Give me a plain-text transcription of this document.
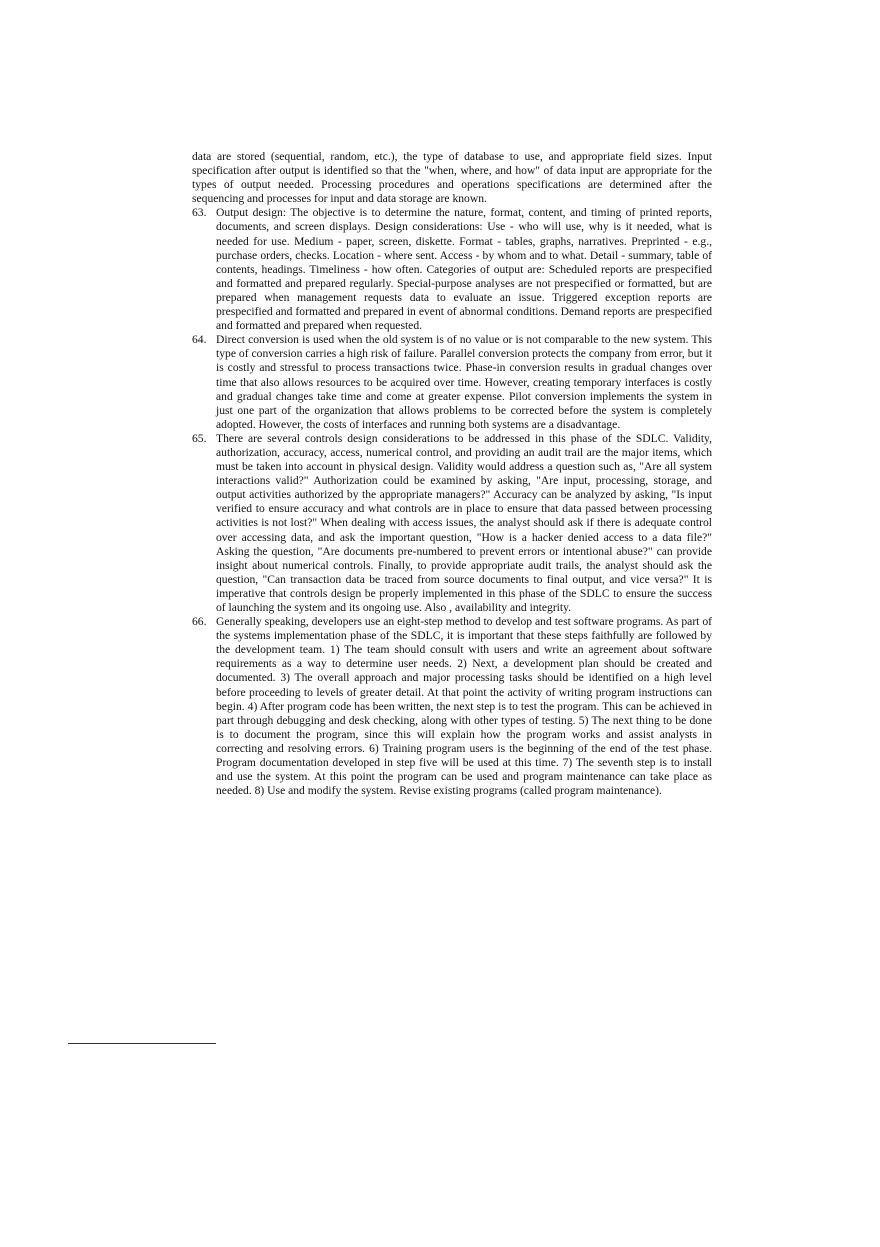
data are stored (sequential, random, etc.), the type of database to use, and appropriate field sizes. Input specification after output is identified so that the "when, where, and how" of data input are appropriate for the types of output needed. Processing procedures and operations specifications are determined after the sequencing and processes for input and data storage are known.

63. Output design: The objective is to determine the nature, format, content, and timing of printed reports, documents, and screen displays. Design considerations: Use - who will use, why is it needed, what is needed for use. Medium - paper, screen, diskette. Format - tables, graphs, narratives. Preprinted - e.g., purchase orders, checks. Location - where sent. Access - by whom and to what. Detail - summary, table of contents, headings. Timeliness - how often. Categories of output are: Scheduled reports are prespecified and formatted and prepared regularly. Special-purpose analyses are not prespecified or formatted, but are prepared when management requests data to evaluate an issue. Triggered exception reports are prespecified and formatted and prepared in event of abnormal conditions. Demand reports are prespecified and formatted and prepared when requested.
64. Direct conversion is used when the old system is of no value or is not comparable to the new system. This type of conversion carries a high risk of failure. Parallel conversion protects the company from error, but it is costly and stressful to process transactions twice. Phase-in conversion results in gradual changes over time that also allows resources to be acquired over time. However, creating temporary interfaces is costly and gradual changes take time and come at greater expense. Pilot conversion implements the system in just one part of the organization that allows problems to be corrected before the system is completely adopted. However, the costs of interfaces and running both systems are a disadvantage.
65. There are several controls design considerations to be addressed in this phase of the SDLC. Validity, authorization, accuracy, access, numerical control, and providing an audit trail are the major items, which must be taken into account in physical design. Validity would address a question such as, "Are all system interactions valid?" Authorization could be examined by asking, "Are input, processing, storage, and output activities authorized by the appropriate managers?" Accuracy can be analyzed by asking, "Is input verified to ensure accuracy and what controls are in place to ensure that data passed between processing activities is not lost?" When dealing with access issues, the analyst should ask if there is adequate control over accessing data, and ask the important question, "How is a hacker denied access to a data file?" Asking the question, "Are documents pre-numbered to prevent errors or intentional abuse?" can provide insight about numerical controls. Finally, to provide appropriate audit trails, the analyst should ask the question, "Can transaction data be traced from source documents to final output, and vice versa?" It is imperative that controls design be properly implemented in this phase of the SDLC to ensure the success of launching the system and its ongoing use. Also , availability and integrity.
66. Generally speaking, developers use an eight-step method to develop and test software programs. As part of the systems implementation phase of the SDLC, it is important that these steps faithfully are followed by the development team. 1) The team should consult with users and write an agreement about software requirements as a way to determine user needs. 2) Next, a development plan should be created and documented. 3) The overall approach and major processing tasks should be identified on a high level before proceeding to levels of greater detail. At that point the activity of writing program instructions can begin. 4) After program code has been written, the next step is to test the program. This can be achieved in part through debugging and desk checking, along with other types of testing. 5) The next thing to be done is to document the program, since this will explain how the program works and assist analysts in correcting and resolving errors. 6) Training program users is the beginning of the end of the test phase. Program documentation developed in step five will be used at this time. 7) The seventh step is to install and use the system. At this point the program can be used and program maintenance can take place as needed. 8) Use and modify the system. Revise existing programs (called program maintenance).
